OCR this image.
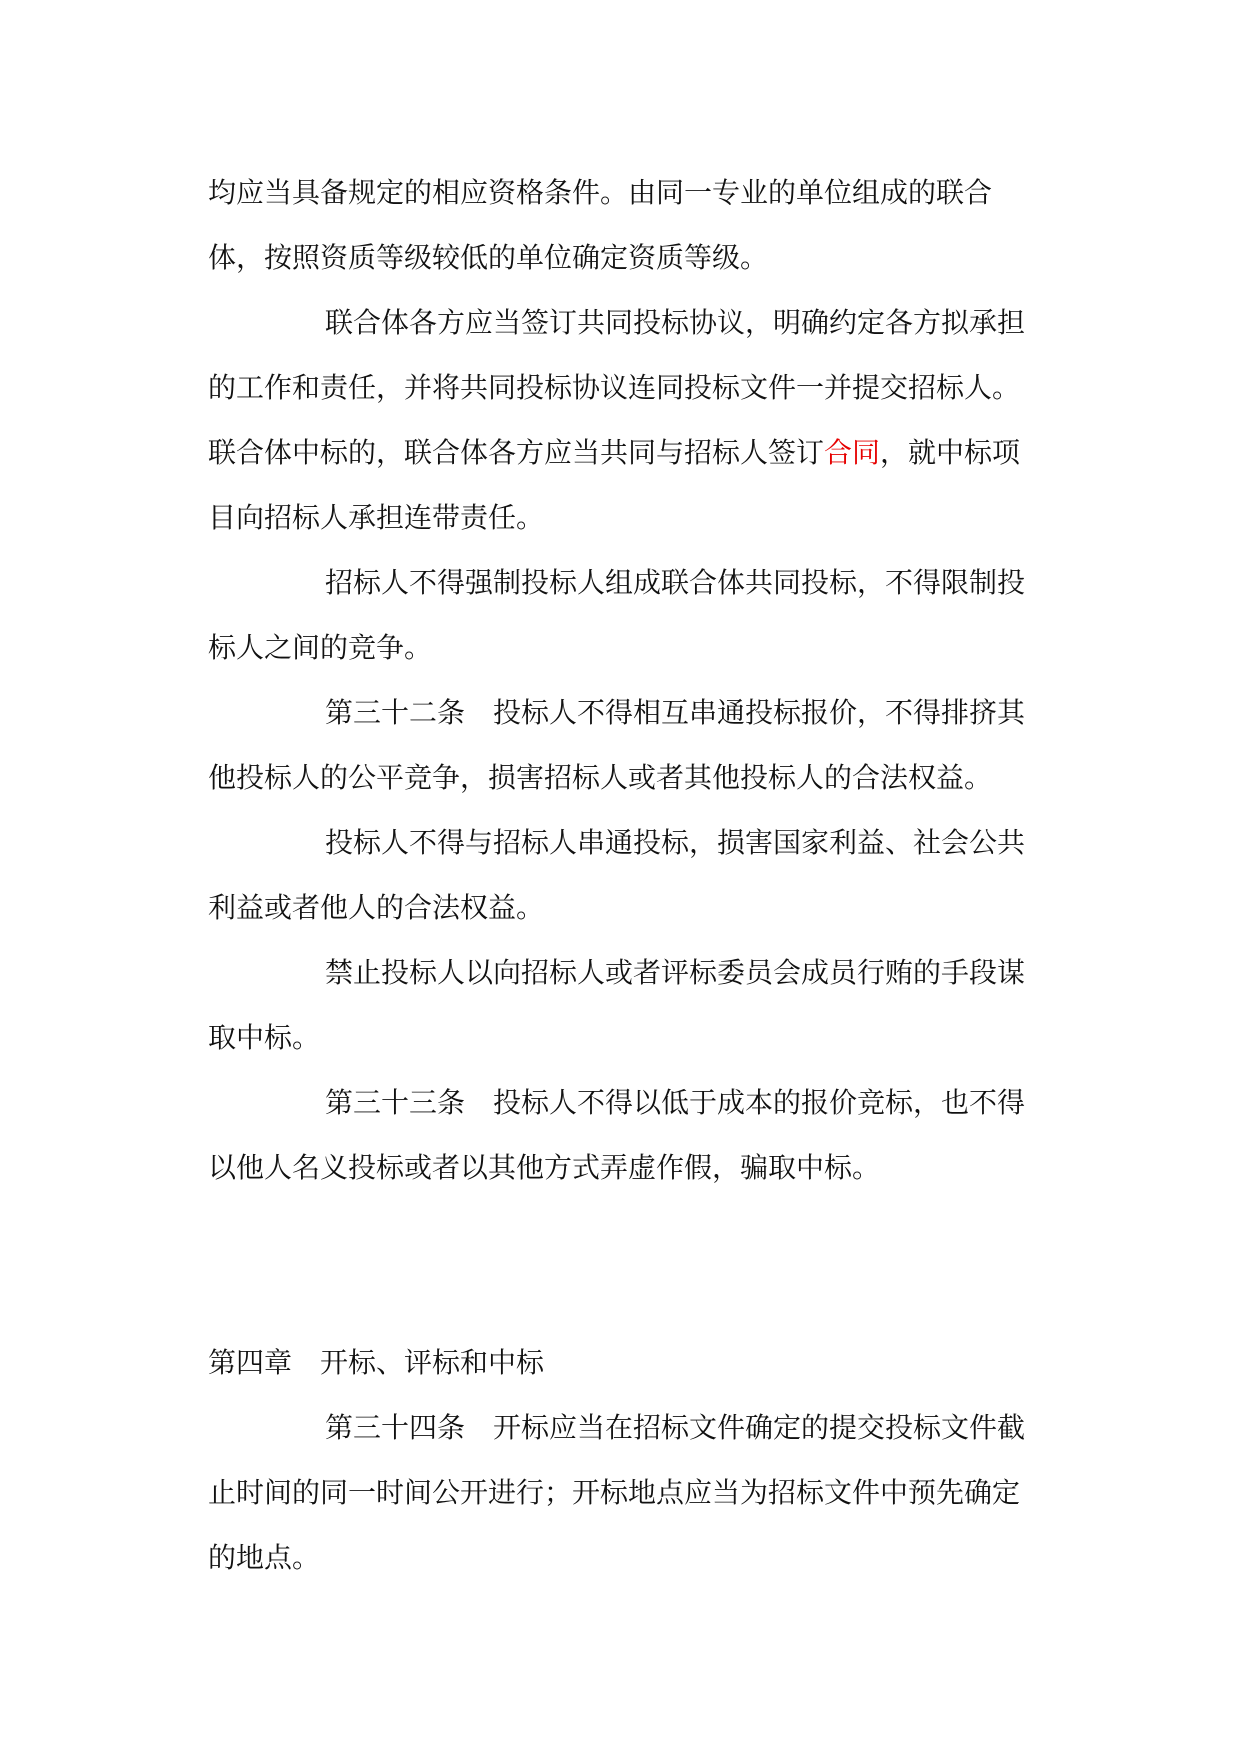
均应当具备规定的相应资格条件。由同一专业的单位组成的联合体，按照资质等级较低的单位确定资质等级。

联合体各方应当签订共同投标协议，明确约定各方拟承担的工作和责任，并将共同投标协议连同投标文件一并提交招标人。联合体中标的，联合体各方应当共同与招标人签订合同，就中标项目向招标人承担连带责任。

招标人不得强制投标人组成联合体共同投标，不得限制投标人之间的竞争。

第三十二条　投标人不得相互串通投标报价，不得排挤其他投标人的公平竞争，损害招标人或者其他投标人的合法权益。

投标人不得与招标人串通投标，损害国家利益、社会公共利益或者他人的合法权益。

禁止投标人以向招标人或者评标委员会成员行贿的手段谋取中标。

第三十三条　投标人不得以低于成本的报价竞标，也不得以他人名义投标或者以其他方式弄虚作假，骗取中标。

第四章　开标、评标和中标

第三十四条　开标应当在招标文件确定的提交投标文件截止时间的同一时间公开进行；开标地点应当为招标文件中预先确定的地点。
